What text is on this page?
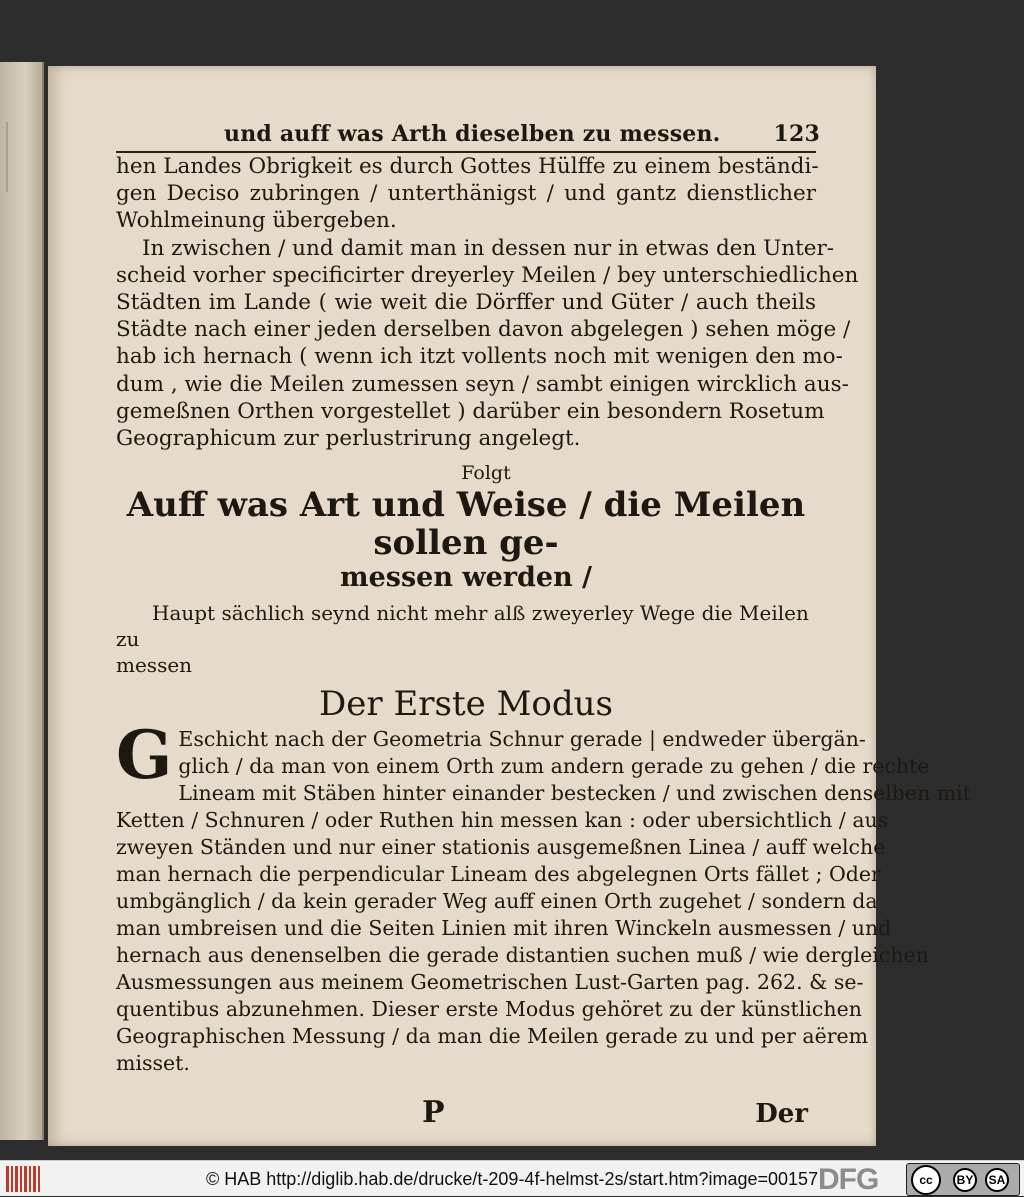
und auff was Arth dieselben zu messen. 123

hen Landes Obrigkeit es durch Gottes Hülffe zu einem beständi-
gen Deciso zubringen / unterthänigst / und gantz dienstlicher
Wohlmeinung übergeben.

In zwischen / und damit man in dessen nur in etwas den Unter-
scheid vorher specificirter dreyerley Meilen / bey unterschiedlichen
Städten im Lande ( wie weit die Dörffer und Güter / auch theils
Städte nach einer jeden derselben davon abgelegen ) sehen möge /
hab ich hernach ( wenn ich itzt vollents noch mit wenigen den mo-
dum , wie die Meilen zumessen seyn / sambt einigen wircklich aus-
gemeßnen Orthen vorgestellet ) darüber ein besondern Rosetum
Geographicum zur perlustrirung angelegt.

Folgt
Auff was Art und Weise / die Meilen sollen ge-
messen werden /
Haupt sächlich seynd nicht mehr alß zweyerley Wege die Meilen zu
messen
Der Erste Modus
G Eschicht nach der Geometria Schnur gerade | endweder übergän-
glich / da man von einem Orth zum andern gerade zu gehen / die rechte
Lineam mit Stäben hinter einander bestecken / und zwischen denselben mit
Ketten / Schnuren / oder Ruthen hin messen kan : oder ubersichtlich / aus
zweyen Ständen und nur einer stationis ausgemeßnen Linea / auff welche
man hernach die perpendicular Lineam des abgelegnen Orts fället ; Oder
umbgänglich / da kein gerader Weg auff einen Orth zugehet / sondern da
man umbreisen und die Seiten Linien mit ihren Winckeln ausmessen / und
hernach aus denenselben die gerade distantien suchen muß / wie dergleichen
Ausmessungen aus meinem Geometrischen Lust-Garten pag. 262. & se-
quentibus abzunehmen. Dieser erste Modus gehöret zu der künstlichen
Geographischen Messung / da man die Meilen gerade zu und per aërem
misset.
P	Der
© HAB http://diglib.hab.de/drucke/t-209-4f-helmst-2s/start.htm?image=00157 DFG	cc	BY	SA
